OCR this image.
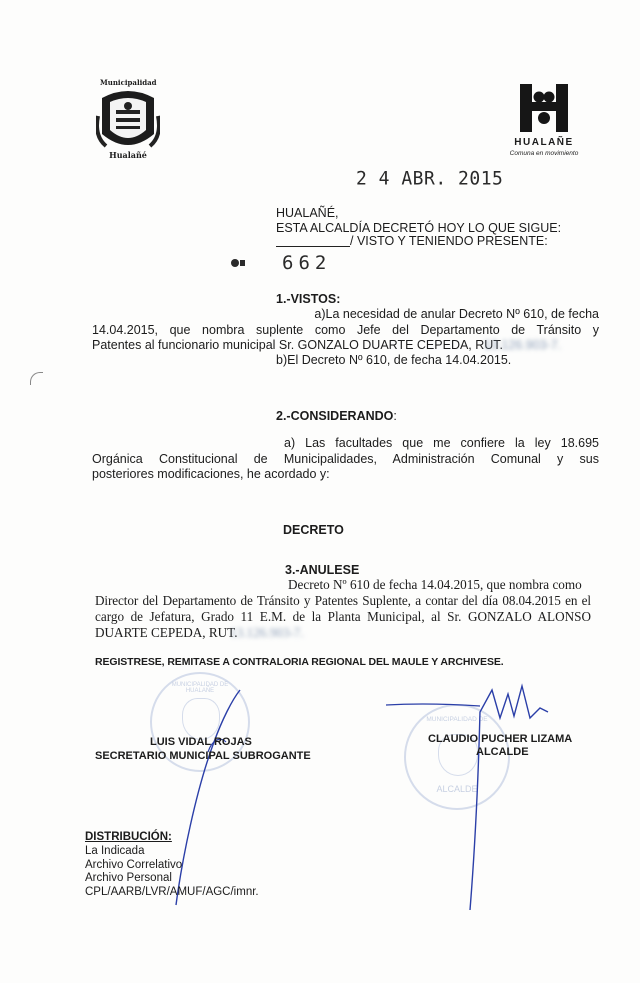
Municipalidad
Hualañé
HUALAÑE
Comuna en movimiento
2 4 ABR. 2015
HUALAÑÉ,
ESTA ALCALDÍA DECRETÓ HOY LO QUE SIGUE:
/ VISTO Y TENIENDO PRESENTE:
662
1.-VISTOS:
a)La necesidad de anular Decreto Nº 610, de fecha
14.04.2015, que nombra suplente como Jefe del Departamento de Tránsito y
Patentes al funcionario municipal Sr. GONZALO DUARTE CEPEDA, RUT.
13.126.903-7.
b)El Decreto Nº 610, de fecha 14.04.2015.
2.-CONSIDERANDO:
a) Las facultades que me confiere la ley 18.695
Orgánica Constitucional de Municipalidades, Administración Comunal y sus
posteriores modificaciones, he acordado y:
DECRETO
3.-ANULESE
Decreto Nº 610 de fecha 14.04.2015, que nombra como
Director del Departamento de Tránsito y Patentes Suplente, a contar del día 08.04.2015 en el
cargo de Jefatura, Grado 11 E.M. de la Planta Municipal, al Sr. GONZALO ALONSO
DUARTE CEPEDA, RUT.
13.126.903-7.
REGISTRESE, REMITASE A CONTRALORIA REGIONAL DEL MAULE Y ARCHIVESE.
MUNICIPALIDAD DE HUALAÑE
MUNICIPALIDAD DE
ALCALDE
LUIS VIDAL ROJAS
SECRETARIO MUNICIPAL SUBROGANTE
CLAUDIO PUCHER LIZAMA
ALCALDE
DISTRIBUCIÓN:
La Indicada
Archivo Correlativo
Archivo Personal
CPL/AARB/LVR/AMUF/AGC/imnr.
